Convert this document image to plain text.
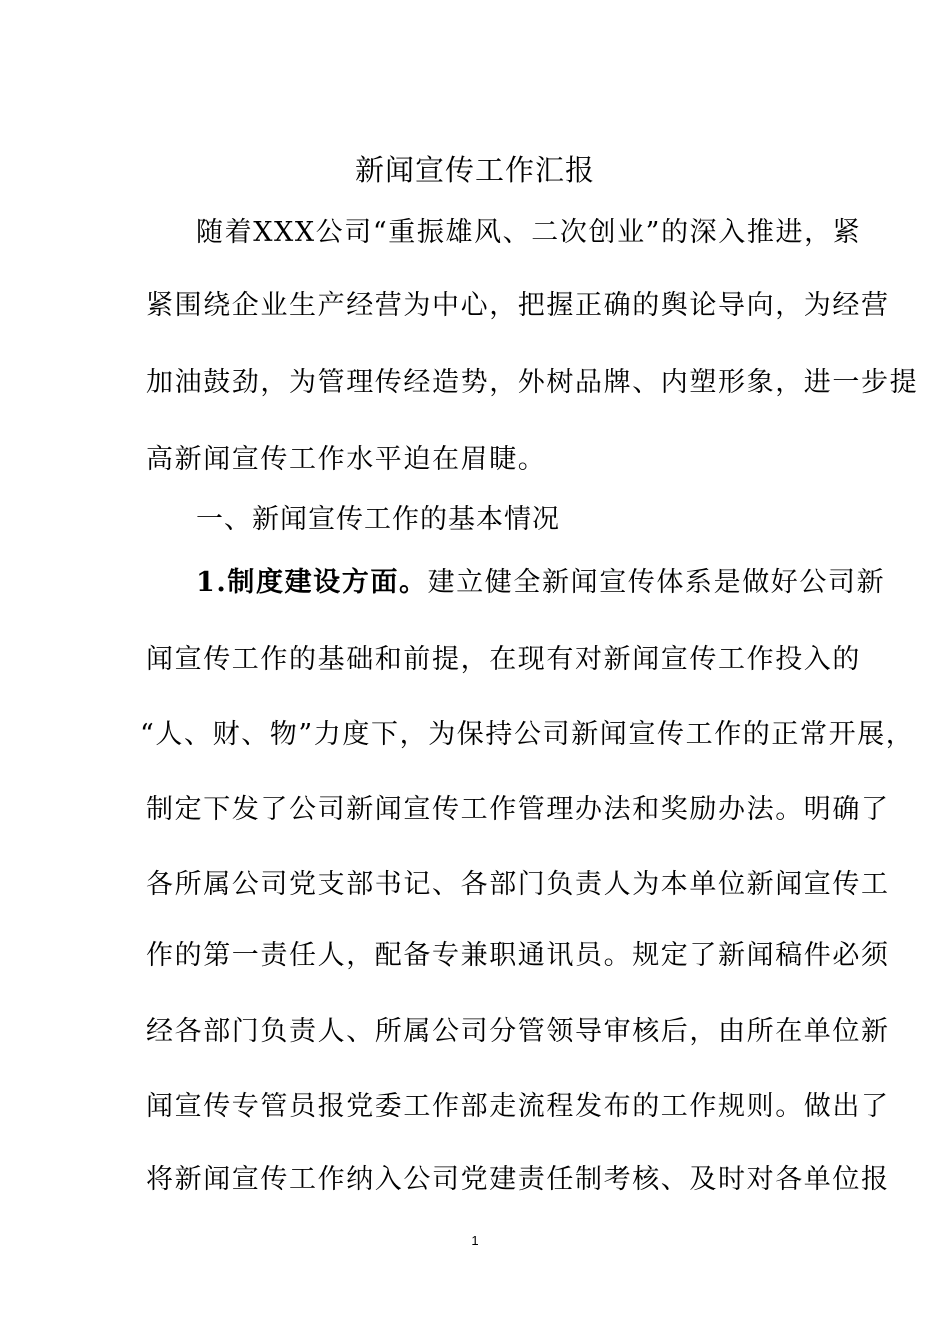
新闻宣传工作汇报
随着XXX公司“重振雄风、二次创业”的深入推进，紧
紧围绕企业生产经营为中心，把握正确的舆论导向，为经营
加油鼓劲，为管理传经造势，外树品牌、内塑形象，进一步提
高新闻宣传工作水平迫在眉睫。
一、新闻宣传工作的基本情况
1.制度建设方面。建立健全新闻宣传体系是做好公司新
闻宣传工作的基础和前提，在现有对新闻宣传工作投入的
“人、财、物”力度下，为保持公司新闻宣传工作的正常开展，
制定下发了公司新闻宣传工作管理办法和奖励办法。明确了
各所属公司党支部书记、各部门负责人为本单位新闻宣传工
作的第一责任人，配备专兼职通讯员。规定了新闻稿件必须
经各部门负责人、所属公司分管领导审核后，由所在单位新
闻宣传专管员报党委工作部走流程发布的工作规则。做出了
将新闻宣传工作纳入公司党建责任制考核、及时对各单位报
1
